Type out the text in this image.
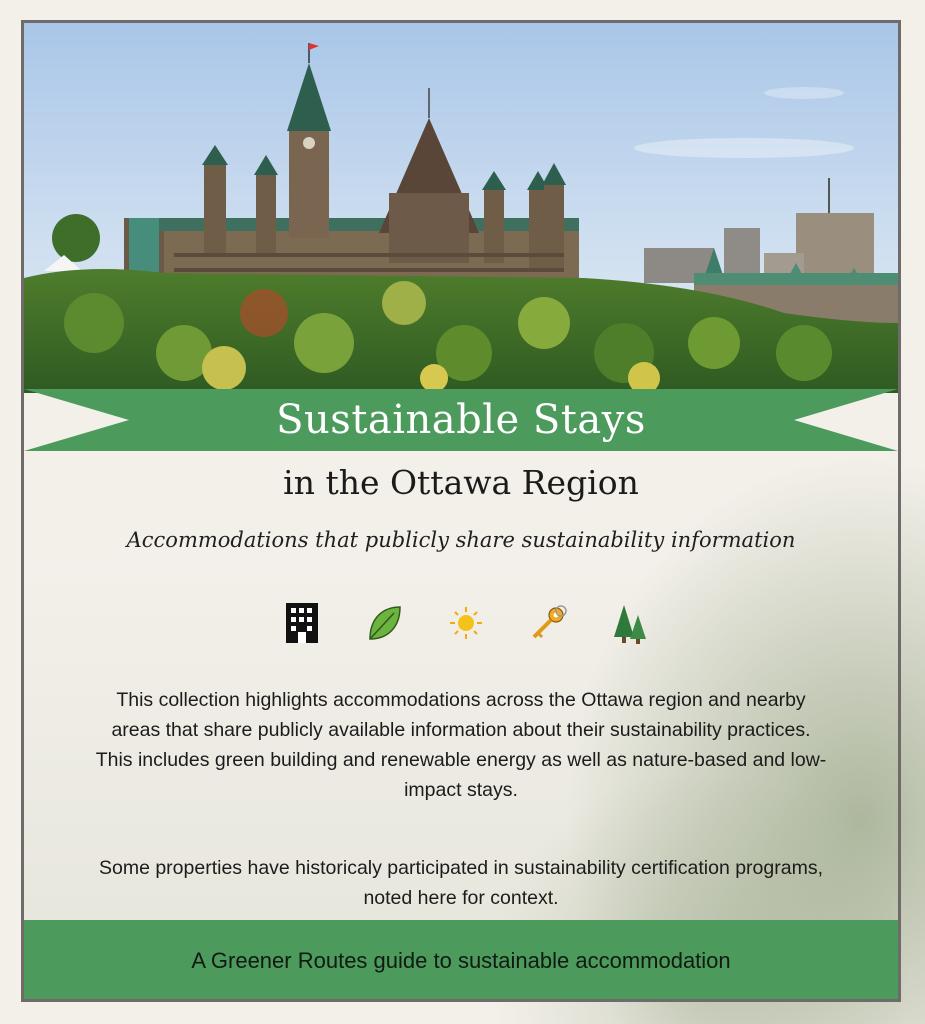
Sustainable Stays
in the Ottawa Region
Accommodations that publicly share sustainability information
This collection highlights accommodations across the Ottawa region and nearby areas that share publicly available information about their sustainability practices. This includes green building and renewable energy as well as nature-based and low-impact stays.
Some properties have historicaly participated in sustainability certification programs, noted here for context.
A Greener Routes guide to sustainable accommodation
